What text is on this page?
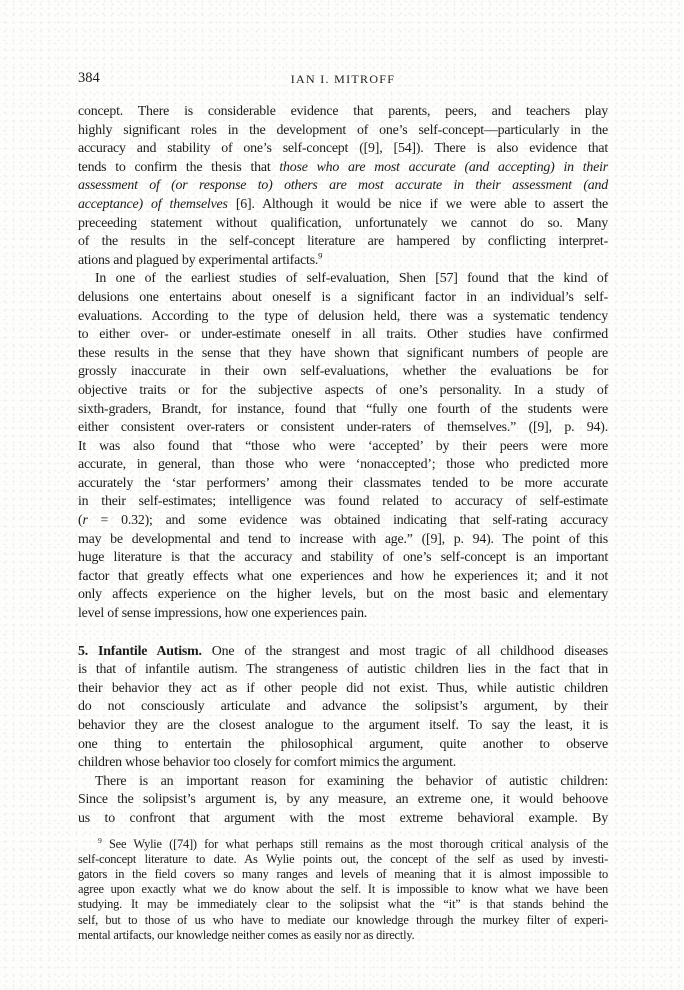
384	IAN I. MITROFF
concept. There is considerable evidence that parents, peers, and teachers play
highly significant roles in the development of one’s self-concept—particularly in the
accuracy and stability of one’s self-concept ([9], [54]). There is also evidence that
tends to confirm the thesis that those who are most accurate (and accepting) in their
assessment of (or response to) others are most accurate in their assessment (and
acceptance) of themselves [6]. Although it would be nice if we were able to assert the
preceeding statement without qualification, unfortunately we cannot do so. Many
of the results in the self-concept literature are hampered by conflicting interpret-
ations and plagued by experimental artifacts.$^9$
In one of the earliest studies of self-evaluation, Shen [57] found that the kind of
delusions one entertains about oneself is a significant factor in an individual’s self-
evaluations. According to the type of delusion held, there was a systematic tendency
to either over- or under-estimate oneself in all traits. Other studies have confirmed
these results in the sense that they have shown that significant numbers of people are
grossly inaccurate in their own self-evaluations, whether the evaluations be for
objective traits or for the subjective aspects of one’s personality. In a study of
sixth-graders, Brandt, for instance, found that “fully one fourth of the students were
either consistent over-raters or consistent under-raters of themselves.” ([9], p. 94).
It was also found that “those who were ‘accepted’ by their peers were more
accurate, in general, than those who were ‘nonaccepted’; those who predicted more
accurately the ‘star performers’ among their classmates tended to be more accurate
in their self-estimates; intelligence was found related to accuracy of self-estimate
(r = 0.32); and some evidence was obtained indicating that self-rating accuracy
may be developmental and tend to increase with age.” ([9], p. 94). The point of this
huge literature is that the accuracy and stability of one’s self-concept is an important
factor that greatly effects what one experiences and how he experiences it; and it not
only affects experience on the higher levels, but on the most basic and elementary
level of sense impressions, how one experiences pain.
5. Infantile Autism. One of the strangest and most tragic of all childhood diseases
is that of infantile autism. The strangeness of autistic children lies in the fact that in
their behavior they act as if other people did not exist. Thus, while autistic children
do not consciously articulate and advance the solipsist’s argument, by their
behavior they are the closest analogue to the argument itself. To say the least, it is
one thing to entertain the philosophical argument, quite another to observe
children whose behavior too closely for comfort mimics the argument.
There is an important reason for examining the behavior of autistic children:
Since the solipsist’s argument is, by any measure, an extreme one, it would behoove
us to confront that argument with the most extreme behavioral example. By
$^9$ See Wylie ([74]) for what perhaps still remains as the most thorough critical analysis of the
self-concept literature to date. As Wylie points out, the concept of the self as used by investi-
gators in the field covers so many ranges and levels of meaning that it is almost impossible to
agree upon exactly what we do know about the self. It is impossible to know what we have been
studying. It may be immediately clear to the solipsist what the “it” is that stands behind the
self, but to those of us who have to mediate our knowledge through the murkey filter of experi-
mental artifacts, our knowledge neither comes as easily nor as directly.
